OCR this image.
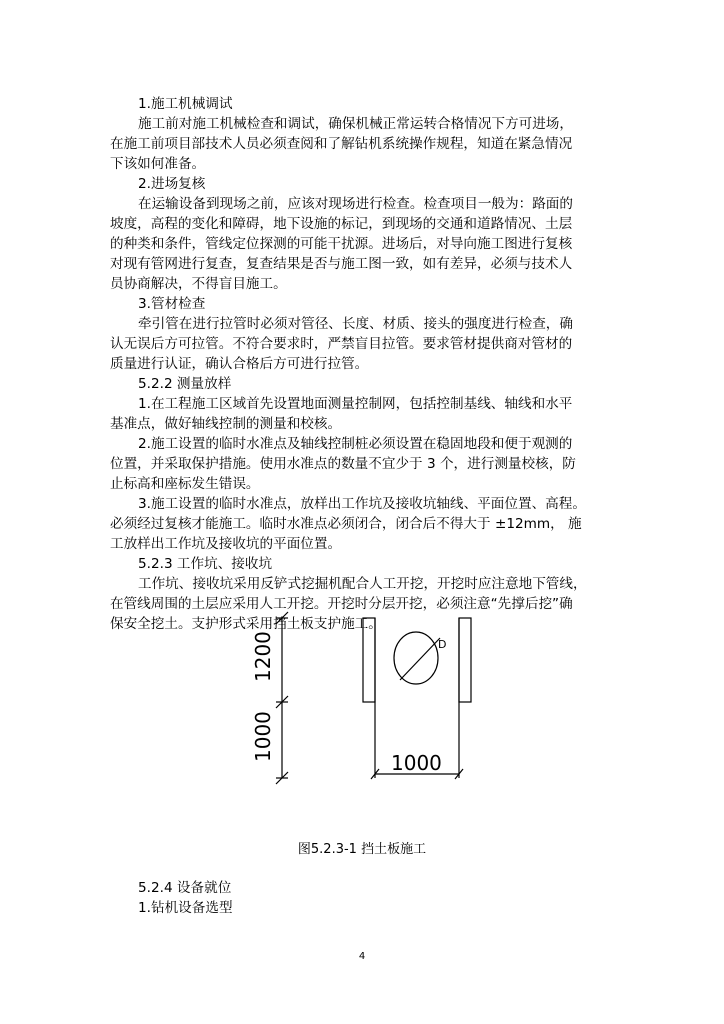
1.施工机械调试
施工前对施工机械检查和调试，确保机械正常运转合格情况下方可进场，
在施工前项目部技术人员必须查阅和了解钻机系统操作规程，知道在紧急情况
下该如何准备。
2.进场复核
在运输设备到现场之前，应该对现场进行检查。检查项目一般为：路面的
坡度，高程的变化和障碍，地下设施的标记，到现场的交通和道路情况、土层
的种类和条件，管线定位探测的可能干扰源。进场后，对导向施工图进行复核
对现有管网进行复查，复查结果是否与施工图一致，如有差异，必须与技术人
员协商解决，不得盲目施工。
3.管材检查
牵引管在进行拉管时必须对管径、长度、材质、接头的强度进行检查，确
认无误后方可拉管。不符合要求时，严禁盲目拉管。要求管材提供商对管材的
质量进行认证，确认合格后方可进行拉管。
5.2.2 测量放样
1.在工程施工区域首先设置地面测量控制网，包括控制基线、轴线和水平
基准点，做好轴线控制的测量和校核。
2.施工设置的临时水准点及轴线控制桩必须设置在稳固地段和便于观测的
位置，并采取保护措施。使用水准点的数量不宜少于 3 个，进行测量校核，防
止标高和座标发生错误。
3.施工设置的临时水准点，放样出工作坑及接收坑轴线、平面位置、高程。
必须经过复核才能施工。临时水准点必须闭合，闭合后不得大于 ±12mm， 施
工放样出工作坑及接收坑的平面位置。
5.2.3 工作坑、接收坑
工作坑、接收坑采用反铲式挖掘机配合人工开挖，开挖时应注意地下管线，
在管线周围的土层应采用人工开挖。开挖时分层开挖，必须注意“先撑后挖”确
保安全挖土。支护形式采用挡土板支护施工。
1200
1000
1000
D
图5.2.3-1 挡土板施工
5.2.4 设备就位
1.钻机设备选型
4
